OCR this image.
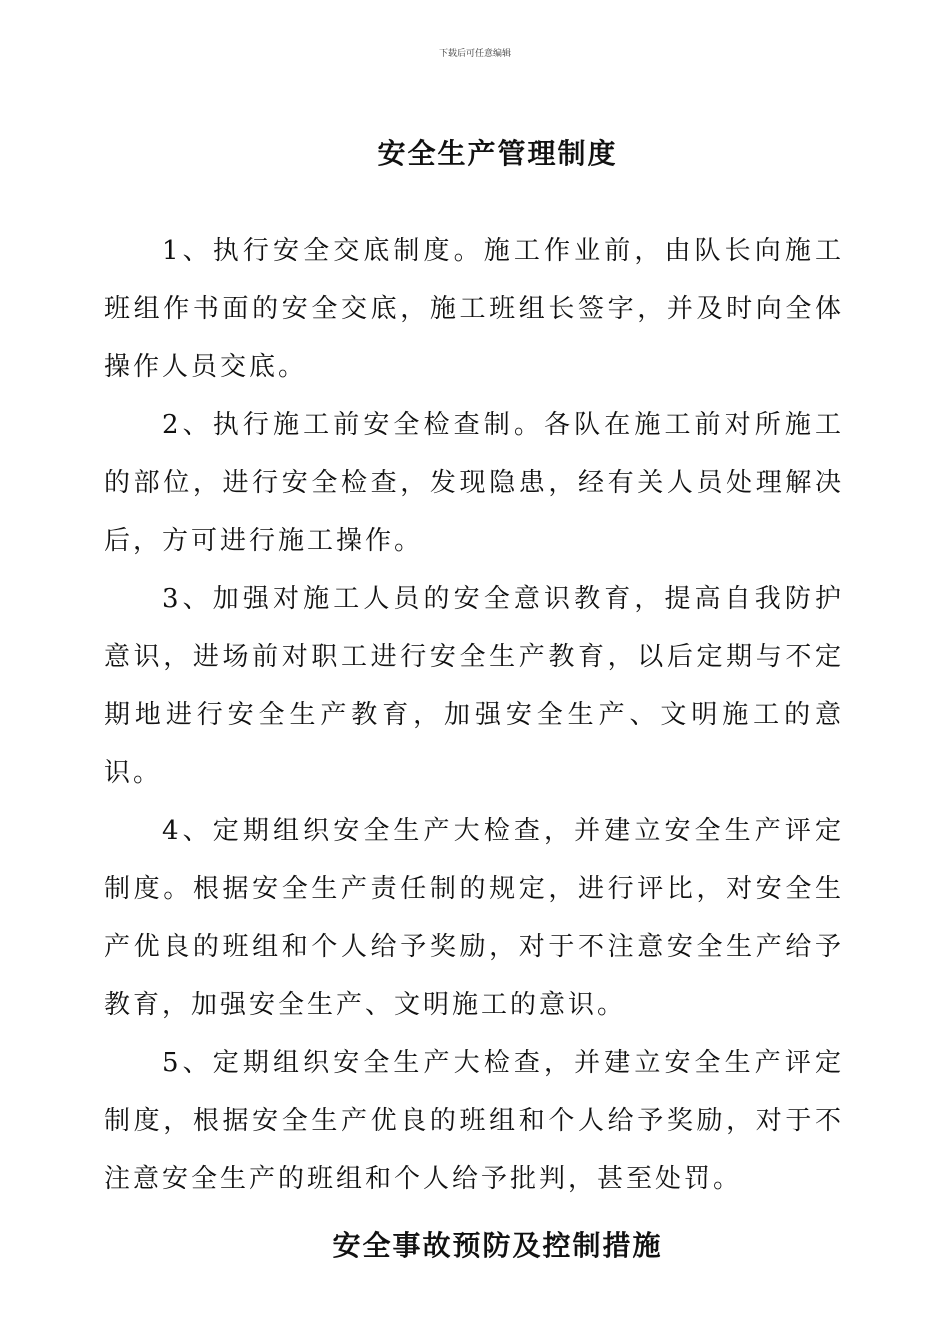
下载后可任意编辑
安全生产管理制度

1、执行安全交底制度。施工作业前，由队长向施工班组作书面的安全交底，施工班组长签字，并及时向全体操作人员交底。

2、执行施工前安全检查制。各队在施工前对所施工的部位，进行安全检查，发现隐患，经有关人员处理解决后，方可进行施工操作。

3、加强对施工人员的安全意识教育，提高自我防护意识，进场前对职工进行安全生产教育，以后定期与不定期地进行安全生产教育，加强安全生产、文明施工的意识。

4、定期组织安全生产大检查，并建立安全生产评定制度。根据安全生产责任制的规定，进行评比，对安全生产优良的班组和个人给予奖励，对于不注意安全生产给予教育，加强安全生产、文明施工的意识。

5、定期组织安全生产大检查，并建立安全生产评定制度，根据安全生产优良的班组和个人给予奖励，对于不注意安全生产的班组和个人给予批判，甚至处罚。

安全事故预防及控制措施
